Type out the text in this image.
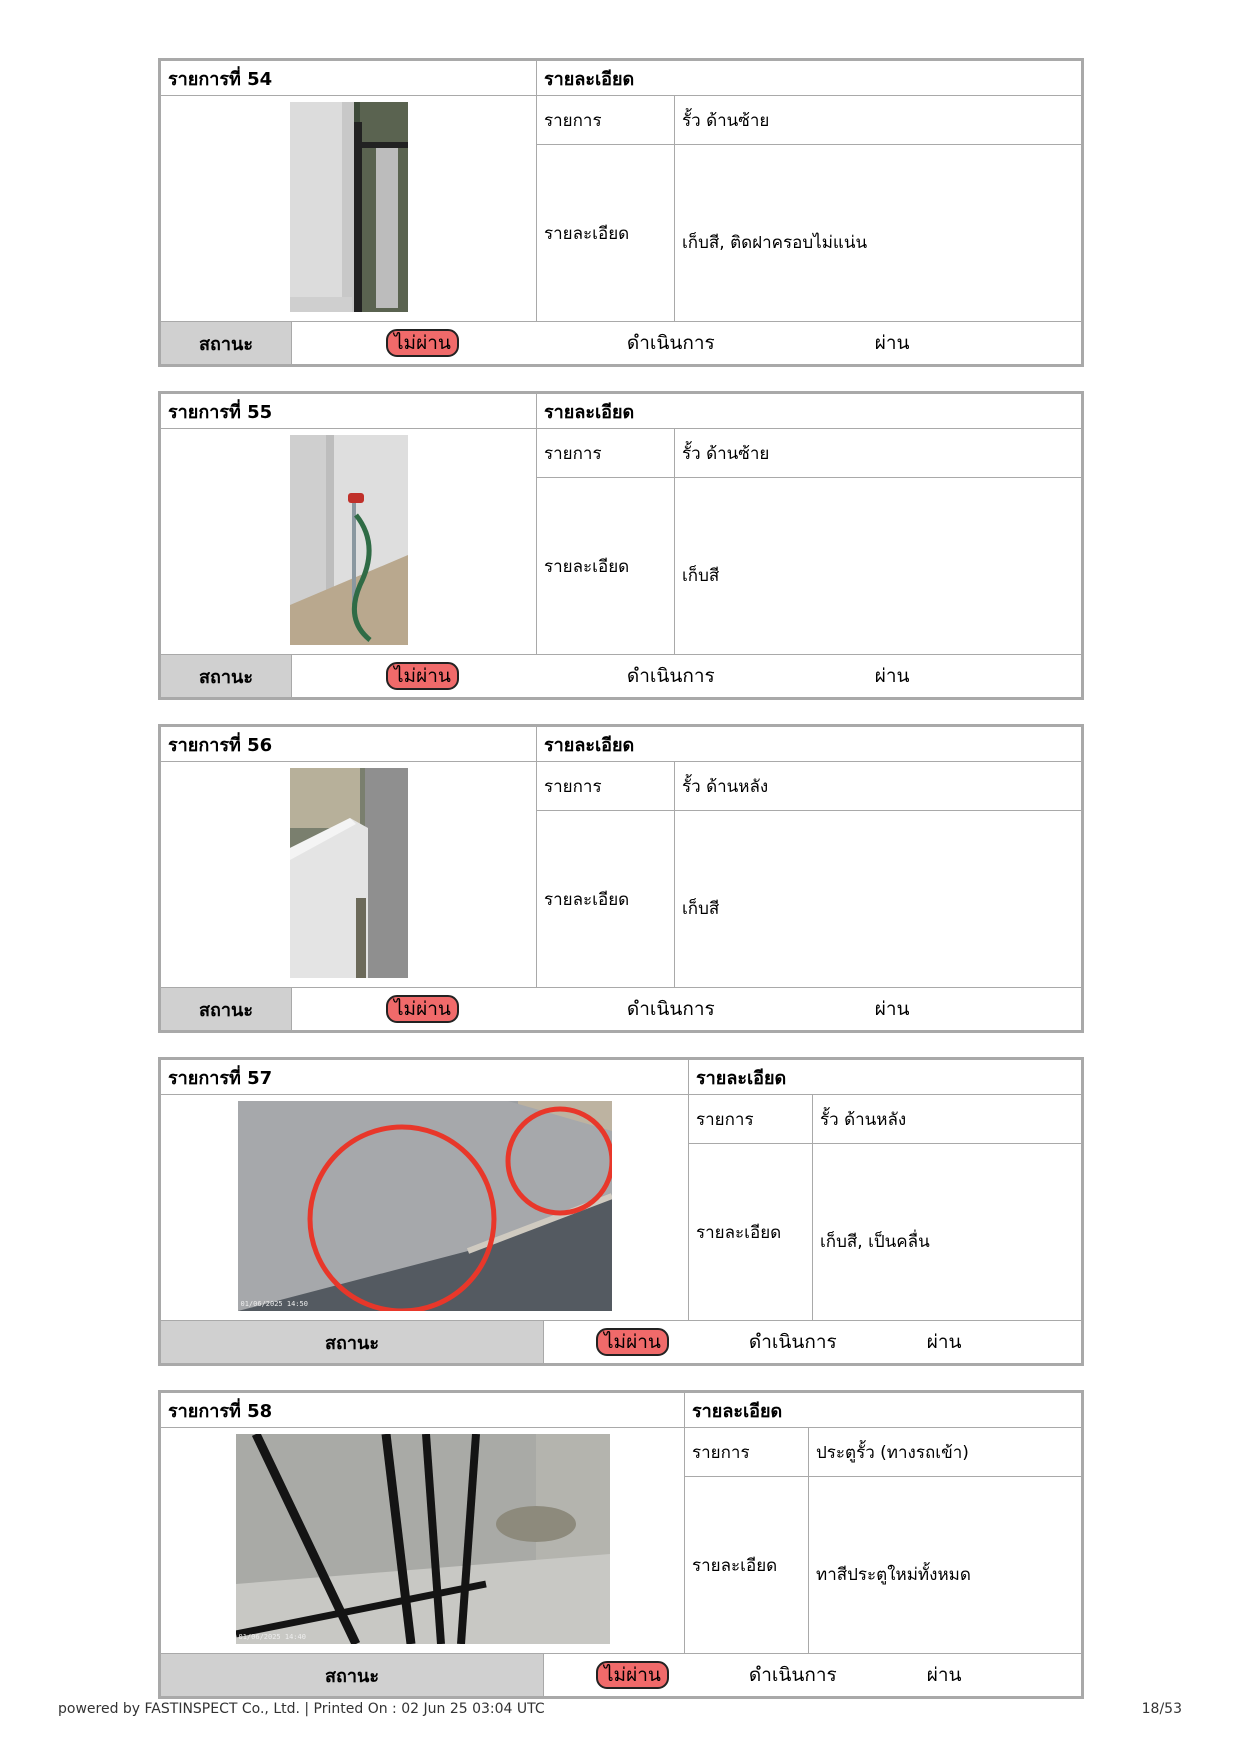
รายการที่ 54	รายละเอียด	

	รายการ	รั้ว ด้านซ้าย
	รายละเอียด	เก็บสี, ติดฝาครอบไม่แน่น

สถานะ ไม่ผ่าน ดำเนินการ ผ่าน		
รายการที่ 55	รายละเอียด	

	รายการ	รั้ว ด้านซ้าย
	รายละเอียด	เก็บสี

สถานะ ไม่ผ่าน ดำเนินการ ผ่าน		
รายการที่ 56	รายละเอียด	

	รายการ	รั้ว ด้านหลัง
	รายละเอียด	เก็บสี

สถานะ ไม่ผ่าน ดำเนินการ ผ่าน		
รายการที่ 57	รายละเอียด	

01/06/2025 14:50	รายการ	รั้ว ด้านหลัง
	รายละเอียด	เก็บสี, เป็นคลื่น

สถานะ ไม่ผ่าน ดำเนินการ ผ่าน		
รายการที่ 58	รายละเอียด	

01/06/2025 14:40	รายการ	ประตูรั้ว (ทางรถเข้า)
	รายละเอียด	ทาสีประตูใหม่ทั้งหมด

สถานะ ไม่ผ่าน ดำเนินการ ผ่าน		
powered by FASTINSPECT Co., Ltd. | Printed On : 02 Jun 25 03:04 UTC	18/53
